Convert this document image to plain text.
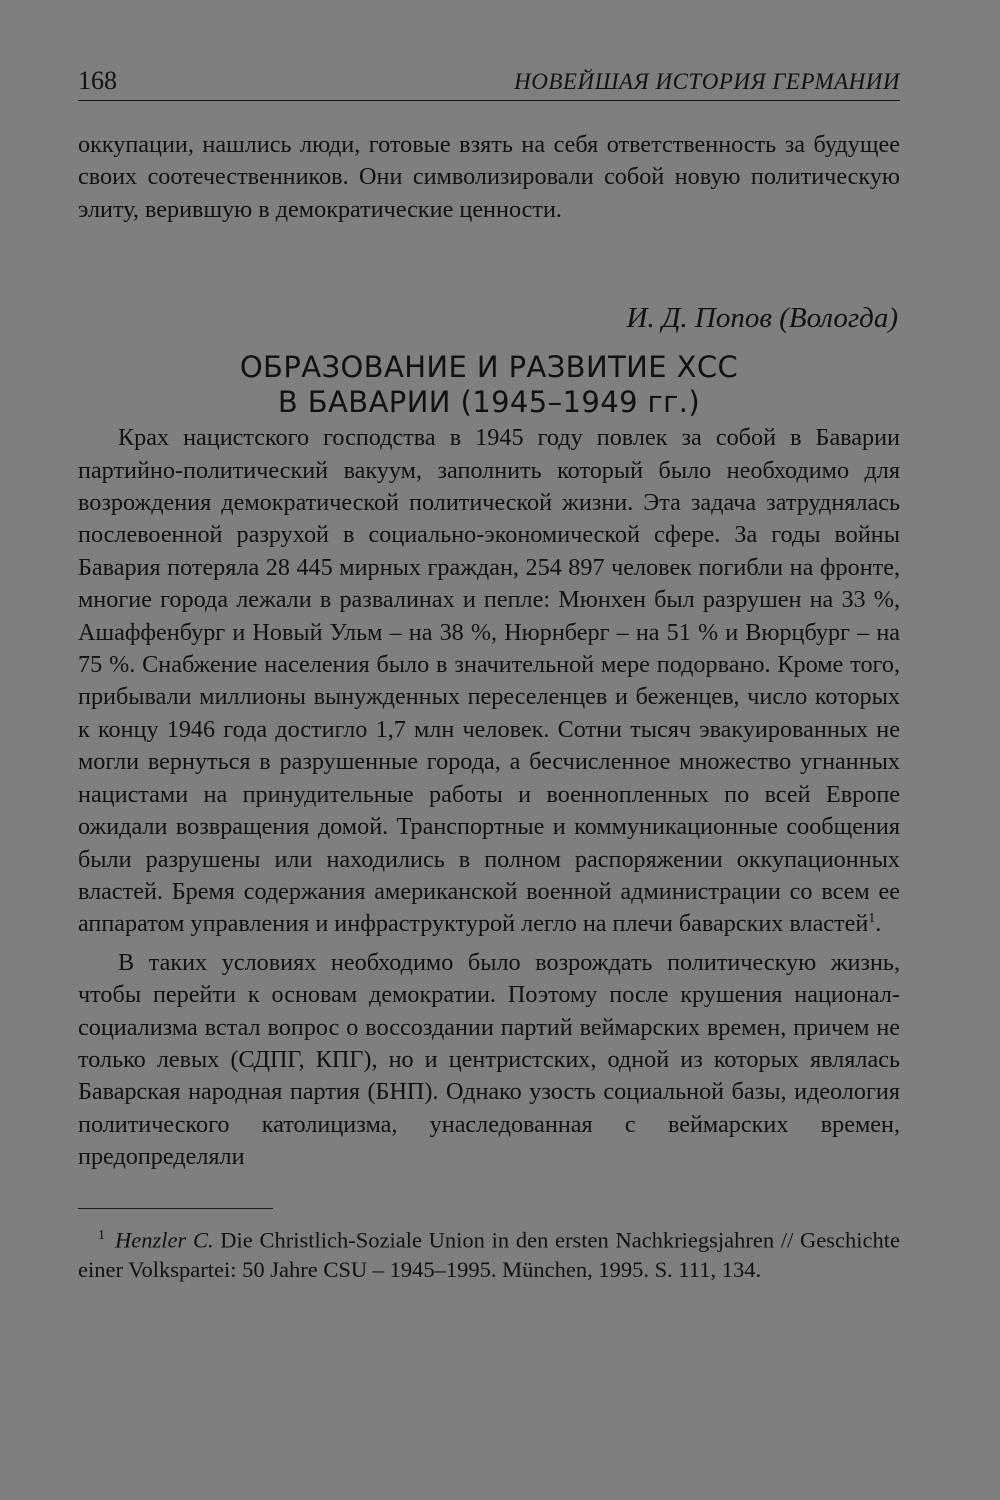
168	НОВЕЙШАЯ ИСТОРИЯ ГЕРМАНИИ

оккупации, нашлись люди, готовые взять на себя ответственность за будущее своих соотечественников. Они символизировали собой новую политическую элиту, верившую в демократические ценности.

И. Д. Попов (Вологда)
ОБРАЗОВАНИЕ И РАЗВИТИЕ ХСС
В БАВАРИИ (1945–1949 гг.)

Крах нацистского господства в 1945 году повлек за собой в Баварии партийно-политический вакуум, заполнить который было необходимо для возрождения демократической политической жизни. Эта задача затруднялась послевоенной разрухой в социально-экономической сфере. За годы войны Бавария потеряла 28 445 мирных граждан, 254 897 человек погибли на фронте, многие города лежали в развалинах и пепле: Мюнхен был разрушен на 33 %, Ашаффенбург и Новый Ульм – на 38 %, Нюрнберг – на 51 % и Вюрцбург – на 75 %. Снабжение населения было в значительной мере подорвано. Кроме того, прибывали миллионы вынужденных переселенцев и беженцев, число которых к концу 1946 года достигло 1,7 млн человек. Сотни тысяч эвакуированных не могли вернуться в разрушенные города, а бесчисленное множество угнанных нацистами на принудительные работы и военнопленных по всей Европе ожидали возвращения домой. Транспортные и коммуникационные сообщения были разрушены или находились в полном распоряжении оккупационных властей. Бремя содержания американской военной администрации со всем ее аппаратом управления и инфраструктурой легло на плечи баварских властей$^1$.

В таких условиях необходимо было возрождать политическую жизнь, чтобы перейти к основам демократии. Поэтому после крушения национал-социализма встал вопрос о воссоздании партий веймарских времен, причем не только левых (СДПГ, КПГ), но и центристских, одной из которых являлась Баварская народная партия (БНП). Однако узость социальной базы, идеология политического католицизма, унаследованная с веймарских времен, предопределяли

$^1$ Henzler C. Die Christlich-Soziale Union in den ersten Nachkriegsjahren // Geschichte einer Volkspartei: 50 Jahre CSU – 1945–1995. München, 1995. S. 111, 134.
